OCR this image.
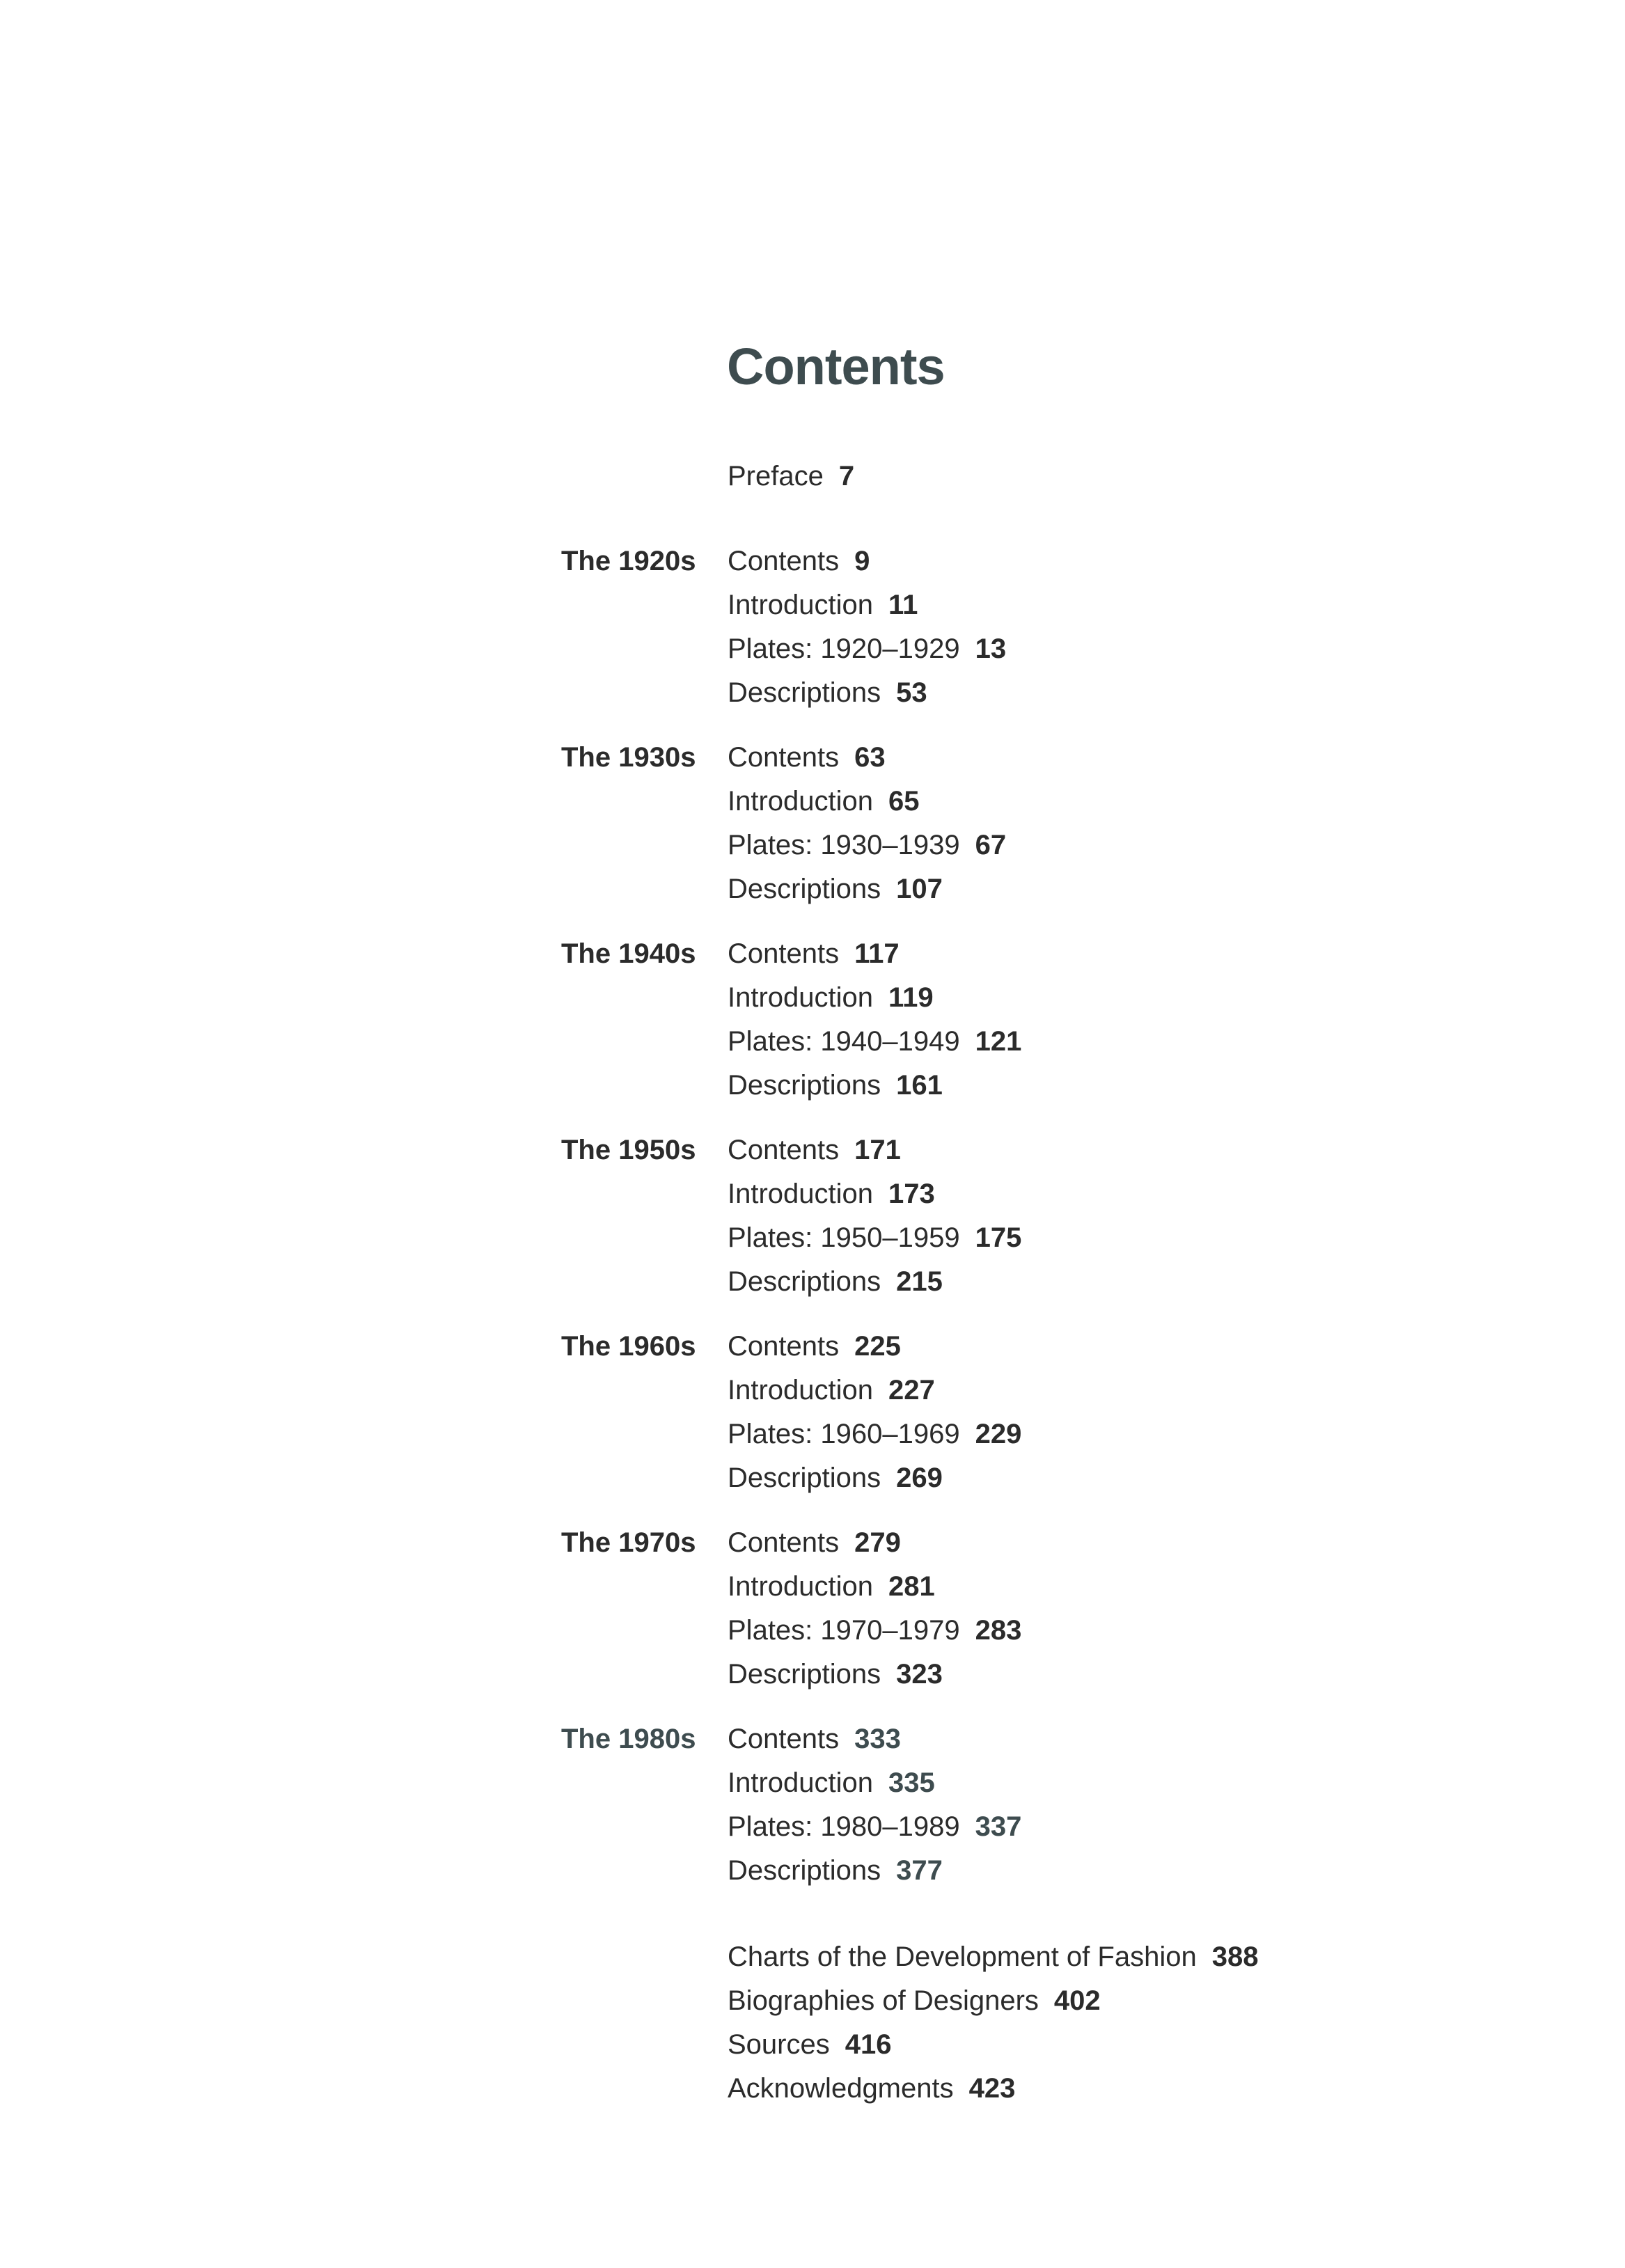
Contents
Preface 7
The 1920s Contents 9
Introduction 11
Plates: 1920–1929 13
Descriptions 53
The 1930s Contents 63
Introduction 65
Plates: 1930–1939 67
Descriptions 107
The 1940s Contents 117
Introduction 119
Plates: 1940–1949 121
Descriptions 161
The 1950s Contents 171
Introduction 173
Plates: 1950–1959 175
Descriptions 215
The 1960s Contents 225
Introduction 227
Plates: 1960–1969 229
Descriptions 269
The 1970s Contents 279
Introduction 281
Plates: 1970–1979 283
Descriptions 323
The 1980s Contents 333
Introduction 335
Plates: 1980–1989 337
Descriptions 377
Charts of the Development of Fashion 388
Biographies of Designers 402
Sources 416
Acknowledgments 423
